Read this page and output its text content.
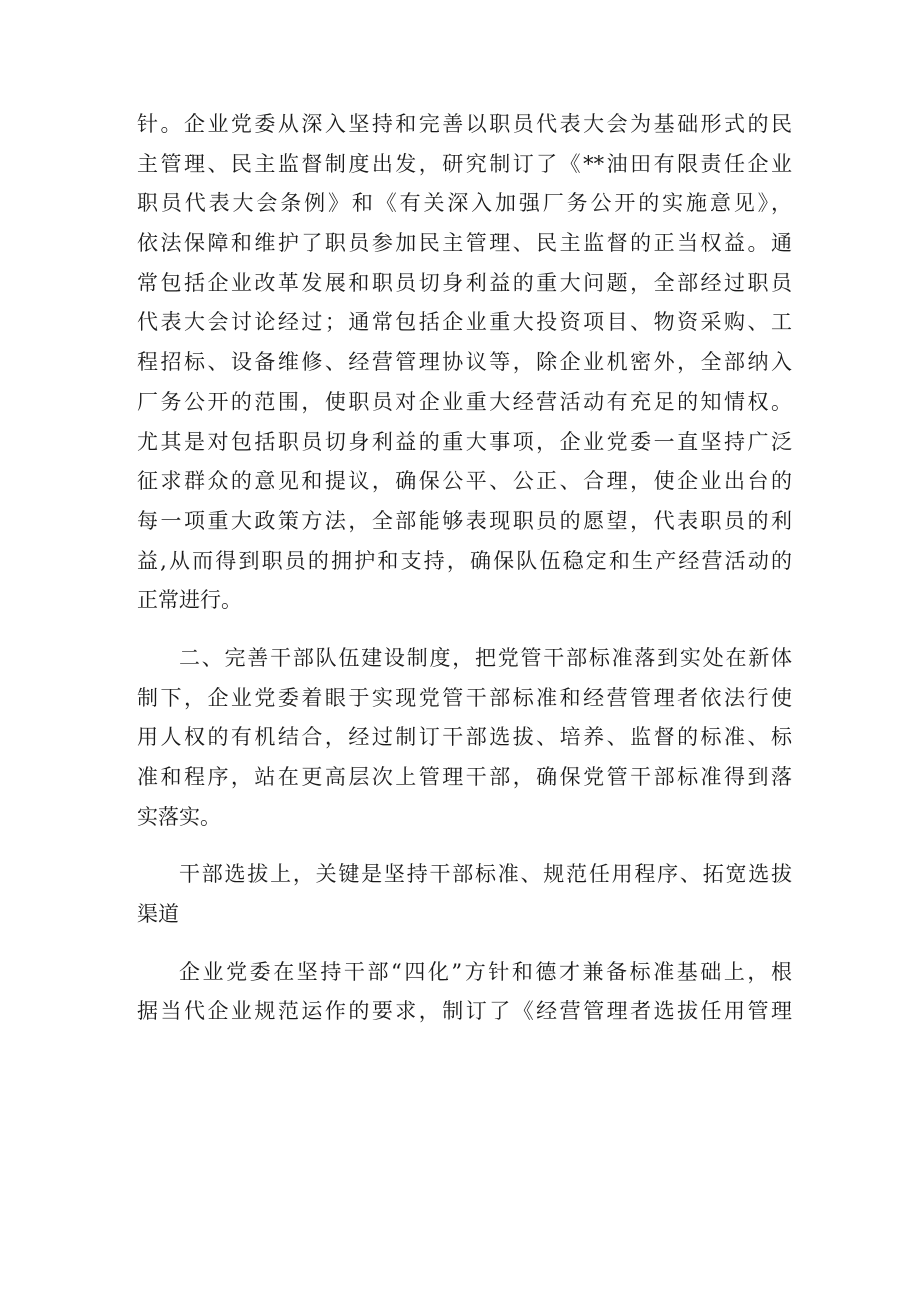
针。企业党委从深入坚持和完善以职员代表大会为基础形式的民
主管理、民主监督制度出发，研究制订了《**油田有限责任企业
职员代表大会条例》和《有关深入加强厂务公开的实施意见》，
依法保障和维护了职员参加民主管理、民主监督的正当权益。通
常包括企业改革发展和职员切身利益的重大问题，全部经过职员
代表大会讨论经过；通常包括企业重大投资项目、物资采购、工
程招标、设备维修、经营管理协议等，除企业机密外，全部纳入
厂务公开的范围，使职员对企业重大经营活动有充足的知情权。
尤其是对包括职员切身利益的重大事项，企业党委一直坚持广泛
征求群众的意见和提议，确保公平、公正、合理，使企业出台的
每一项重大政策方法，全部能够表现职员的愿望，代表职员的利
益,从而得到职员的拥护和支持，确保队伍稳定和生产经营活动的
正常进行。
二、完善干部队伍建设制度，把党管干部标准落到实处在新体
制下，企业党委着眼于实现党管干部标准和经营管理者依法行使
用人权的有机结合，经过制订干部选拔、培养、监督的标准、标
准和程序，站在更高层次上管理干部，确保党管干部标准得到落
实落实。
干部选拔上，关键是坚持干部标准、规范任用程序、拓宽选拔
渠道
企业党委在坚持干部“四化”方针和德才兼备标准基础上，根
据当代企业规范运作的要求，制订了《经营管理者选拔任用管理
